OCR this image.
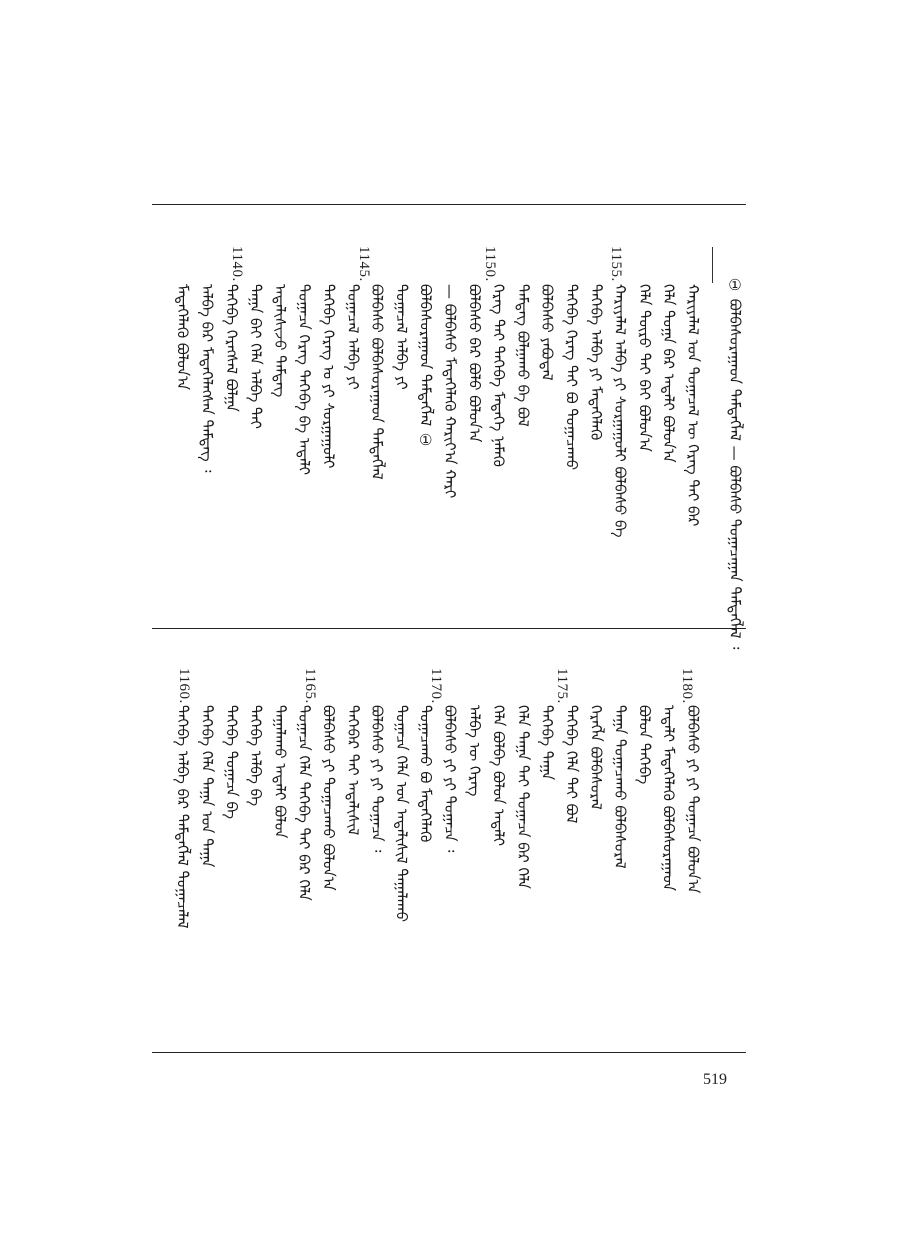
① ᠪᠣᠯᠪᠠᠰᠤᠷᠠᠭᠠᠳ ᠲᠡᠮᠳᠡᠭᠯᠡᠯ — ᠪᠣᠯᠪᠠᠰᠤ ᠲᠣᠭᠠᠴᠠᠭᠠᠨ ᠲᠡᠮᠳᠡᠭᠯᠡᠯ ᠄
1155.
1150.
1145.
1140.
ᠬᠠᠷᠢᠶᠠᠯᠠᠯ ᠤᠨ ᠲᠣᠭᠠᠴᠠᠯ ᠦ ᠬᠡᠷᠡᠭ ᠲᠠᠢ ᠪᠠᠷ
ᠬᠡᠯᠡ ᠲᠣᠭᠠ ᠪᠠᠷ ᠠᠳᠠᠯᠢ ᠪᠣᠯᠤᠨ᠎ᠠ
ᠬᠡᠯᠡ ᠲᠦᠷᠦ ᠲᠠᠢ ᠪᠠᠢ ᠪᠣᠯᠤᠨ᠎ᠠ
ᠬᠠᠷᠢᠶᠠᠯᠠᠯ ᠠᠯᠪᠠ ᠶᠢ ᠰᠤᠷᠭᠠᠭᠤᠯᠢ ᠪᠣᠯᠪᠠᠰᠤ ᠪᠠ
ᠲᠡᠭᠡᠪᠡ ᠠᠯᠪᠠ ᠶᠢ ᠮᠡᠳᠡᠭᠡᠯᠡᠬᠦ
ᠲᠡᠭᠡᠪᠡ ᠬᠡᠷᠡᠭ ᠲᠠᠢ ᠪᠣ ᠲᠣᠭᠠᠴᠠᠬᠤ
ᠪᠣᠯᠪᠠᠰᠤ ᠶᠠᠪᠤᠳᠠᠯ
ᠲᠡᠮᠳᠡᠭ ᠪᠣᠯᠭᠠᠬᠤ ᠪᠠ ᠪᠣᠯ
ᠬᠡᠷᠡᠭ ᠲᠠᠢ ᠲᠡᠭᠡᠪᠡ ᠮᠡᠳᠡᠭᠡ ᠨᠡᠮᠡᠬᠦ
ᠪᠣᠯᠪᠠᠰᠤ ᠪᠠᠷ ᠪᠣᠯᠤ ᠪᠣᠯᠤᠨ᠎ᠠ
— ᠪᠣᠯᠪᠠᠰᠤ ᠮᠡᠳᠡᠭᠡᠯᠡᠬᠦ ᠬᠠᠷᠢᠶ᠎ᠠ ᠬᠠᠷᠢ
ᠪᠣᠯᠪᠠᠰᠤᠷᠠᠭᠠᠳ ᠲᠡᠮᠳᠡᠭᠯᠡᠯ ①
ᠲᠣᠭᠠᠴᠠᠯ ᠠᠯᠪᠠ ᠶᠢ
ᠪᠣᠯᠪᠠᠰᠤ ᠪᠣᠯᠪᠠᠰᠤᠷᠠᠭᠠᠳ ᠲᠡᠮᠳᠡᠭᠯᠡᠯ
ᠲᠣᠭᠠᠴᠠᠯ ᠠᠯᠪᠠ ᠶᠢ
ᠲᠡᠭᠡᠪᠡ ᠬᠡᠷᠡᠭ ᠤ ᠶᠢ ᠰᠤᠷᠭᠠᠭᠤᠯᠢ
ᠲᠣᠭᠠᠴᠠ ᠬᠡᠷᠡᠭ ᠲᠡᠭᠡᠪᠡ ᠪᠠ ᠠᠳᠠᠯᠢ
ᠠᠳᠠᠯᠢᠰᠢᠵᠤ ᠲᠡᠮᠳᠡᠭ
ᠲᠠᠭᠠ ᠪᠠᠢ ᠬᠡᠯᠡ ᠠᠯᠪᠠ ᠲᠠᠢ
ᠲᠡᠭᠡᠪᠡ ᠬᠡᠷᠡᠭᠰᠡᠯ ᠪᠣᠯᠭᠠ
ᠠᠯᠪᠠ ᠪᠠᠷ ᠮᠡᠳᠡᠭᠡᠯᠡᠭᠰᠡᠨ ᠲᠡᠮᠳᠡᠭ ᠄
ᠮᠡᠳᠡᠭᠡᠯᠡᠬᠦ ᠪᠣᠯᠤᠨ᠎ᠠ
1180.
1175.
1170.
1165.
1160.
ᠪᠣᠯᠪᠠᠰᠤ ᠶᠢ ᠶᠢ ᠲᠣᠭᠠᠴᠠ ᠪᠣᠯᠤᠨ᠎ᠠ
ᠠᠳᠠᠯᠢ ᠮᠡᠳᠡᠭᠡᠯᠡᠬᠦ ᠪᠣᠯᠪᠠᠰᠤᠷᠠᠭᠠᠳ
ᠪᠣᠯᠤᠨ ᠲᠡᠭᠡᠪᠡ
ᠲᠠᠭᠠ ᠲᠣᠭᠠᠴᠠᠬᠤ ᠪᠣᠯᠪᠠᠰᠤᠷᠠᠯ
ᠬᠡᠷᠡᠭᠯᠡ ᠪᠣᠯᠪᠠᠰᠤᠷᠠᠯ
ᠲᠡᠭᠡᠪᠡ ᠬᠡᠯᠡ ᠲᠠᠢ ᠪᠣᠯ
ᠲᠡᠭᠡᠪᠡ ᠲᠠᠭᠠ
ᠬᠡᠯᠡ ᠲᠠᠭᠠ ᠲᠠᠢ ᠲᠣᠭᠠᠴᠠ ᠪᠠᠷ ᠬᠡᠯᠡ
ᠬᠡᠯᠡ ᠪᠣᠯᠪᠠ ᠪᠣᠯᠤᠨ ᠠᠳᠠᠯᠢ
ᠠᠯᠪᠠ ᠦ ᠬᠡᠷᠡᠭ
ᠪᠣᠯᠪᠠᠰᠤ ᠶᠢ ᠶᠢ ᠲᠣᠭᠠᠴᠠ ᠄
ᠲᠣᠭᠠᠴᠠᠬᠤ ᠪᠣ ᠮᠡᠳᠡᠭᠡᠯᠡᠬᠦ
ᠲᠣᠭᠠᠴᠠ ᠬᠡᠯᠡ ᠤᠨ ᠠᠳᠠᠯᠢᠰᠢᠯ ᠲᠠᠭᠠᠯᠠᠬᠤ
ᠪᠣᠯᠪᠠᠰᠤ ᠶᠢ ᠶᠢ ᠲᠣᠭᠠᠴᠠ ᠄
ᠲᠡᠭᠡᠪᠡᠷ ᠲᠠᠢ ᠠᠳᠠᠯᠢᠰᠢᠯ
ᠪᠣᠯᠪᠠᠰᠤ ᠶᠢ ᠲᠣᠭᠠᠴᠠᠬᠤ ᠪᠣᠯᠤᠨ᠎ᠠ
ᠲᠣᠭᠠᠴᠠ ᠬᠡᠯᠡ ᠲᠡᠭᠡᠪᠡ ᠲᠠᠢ ᠪᠠᠷ ᠬᠡᠯᠡ
ᠲᠠᠭᠠᠯᠠᠬᠤ ᠠᠳᠠᠯᠢ ᠪᠣᠯᠤᠨ
ᠲᠡᠭᠡᠪᠡ ᠠᠯᠪᠠ ᠪᠠ
ᠲᠡᠭᠡᠪᠡ ᠲᠣᠭᠠᠴᠠ ᠪᠠ
ᠲᠡᠭᠡᠪᠡ ᠬᠡᠯᠡ ᠲᠠᠭᠠ ᠤᠨ ᠲᠠᠭᠠ
ᠲᠡᠭᠡᠪᠡ ᠠᠯᠪᠠ ᠪᠠᠷ ᠲᠡᠮᠳᠡᠭᠯᠡᠯ ᠲᠣᠭᠠᠴᠠᠯᠠᠯ
519
